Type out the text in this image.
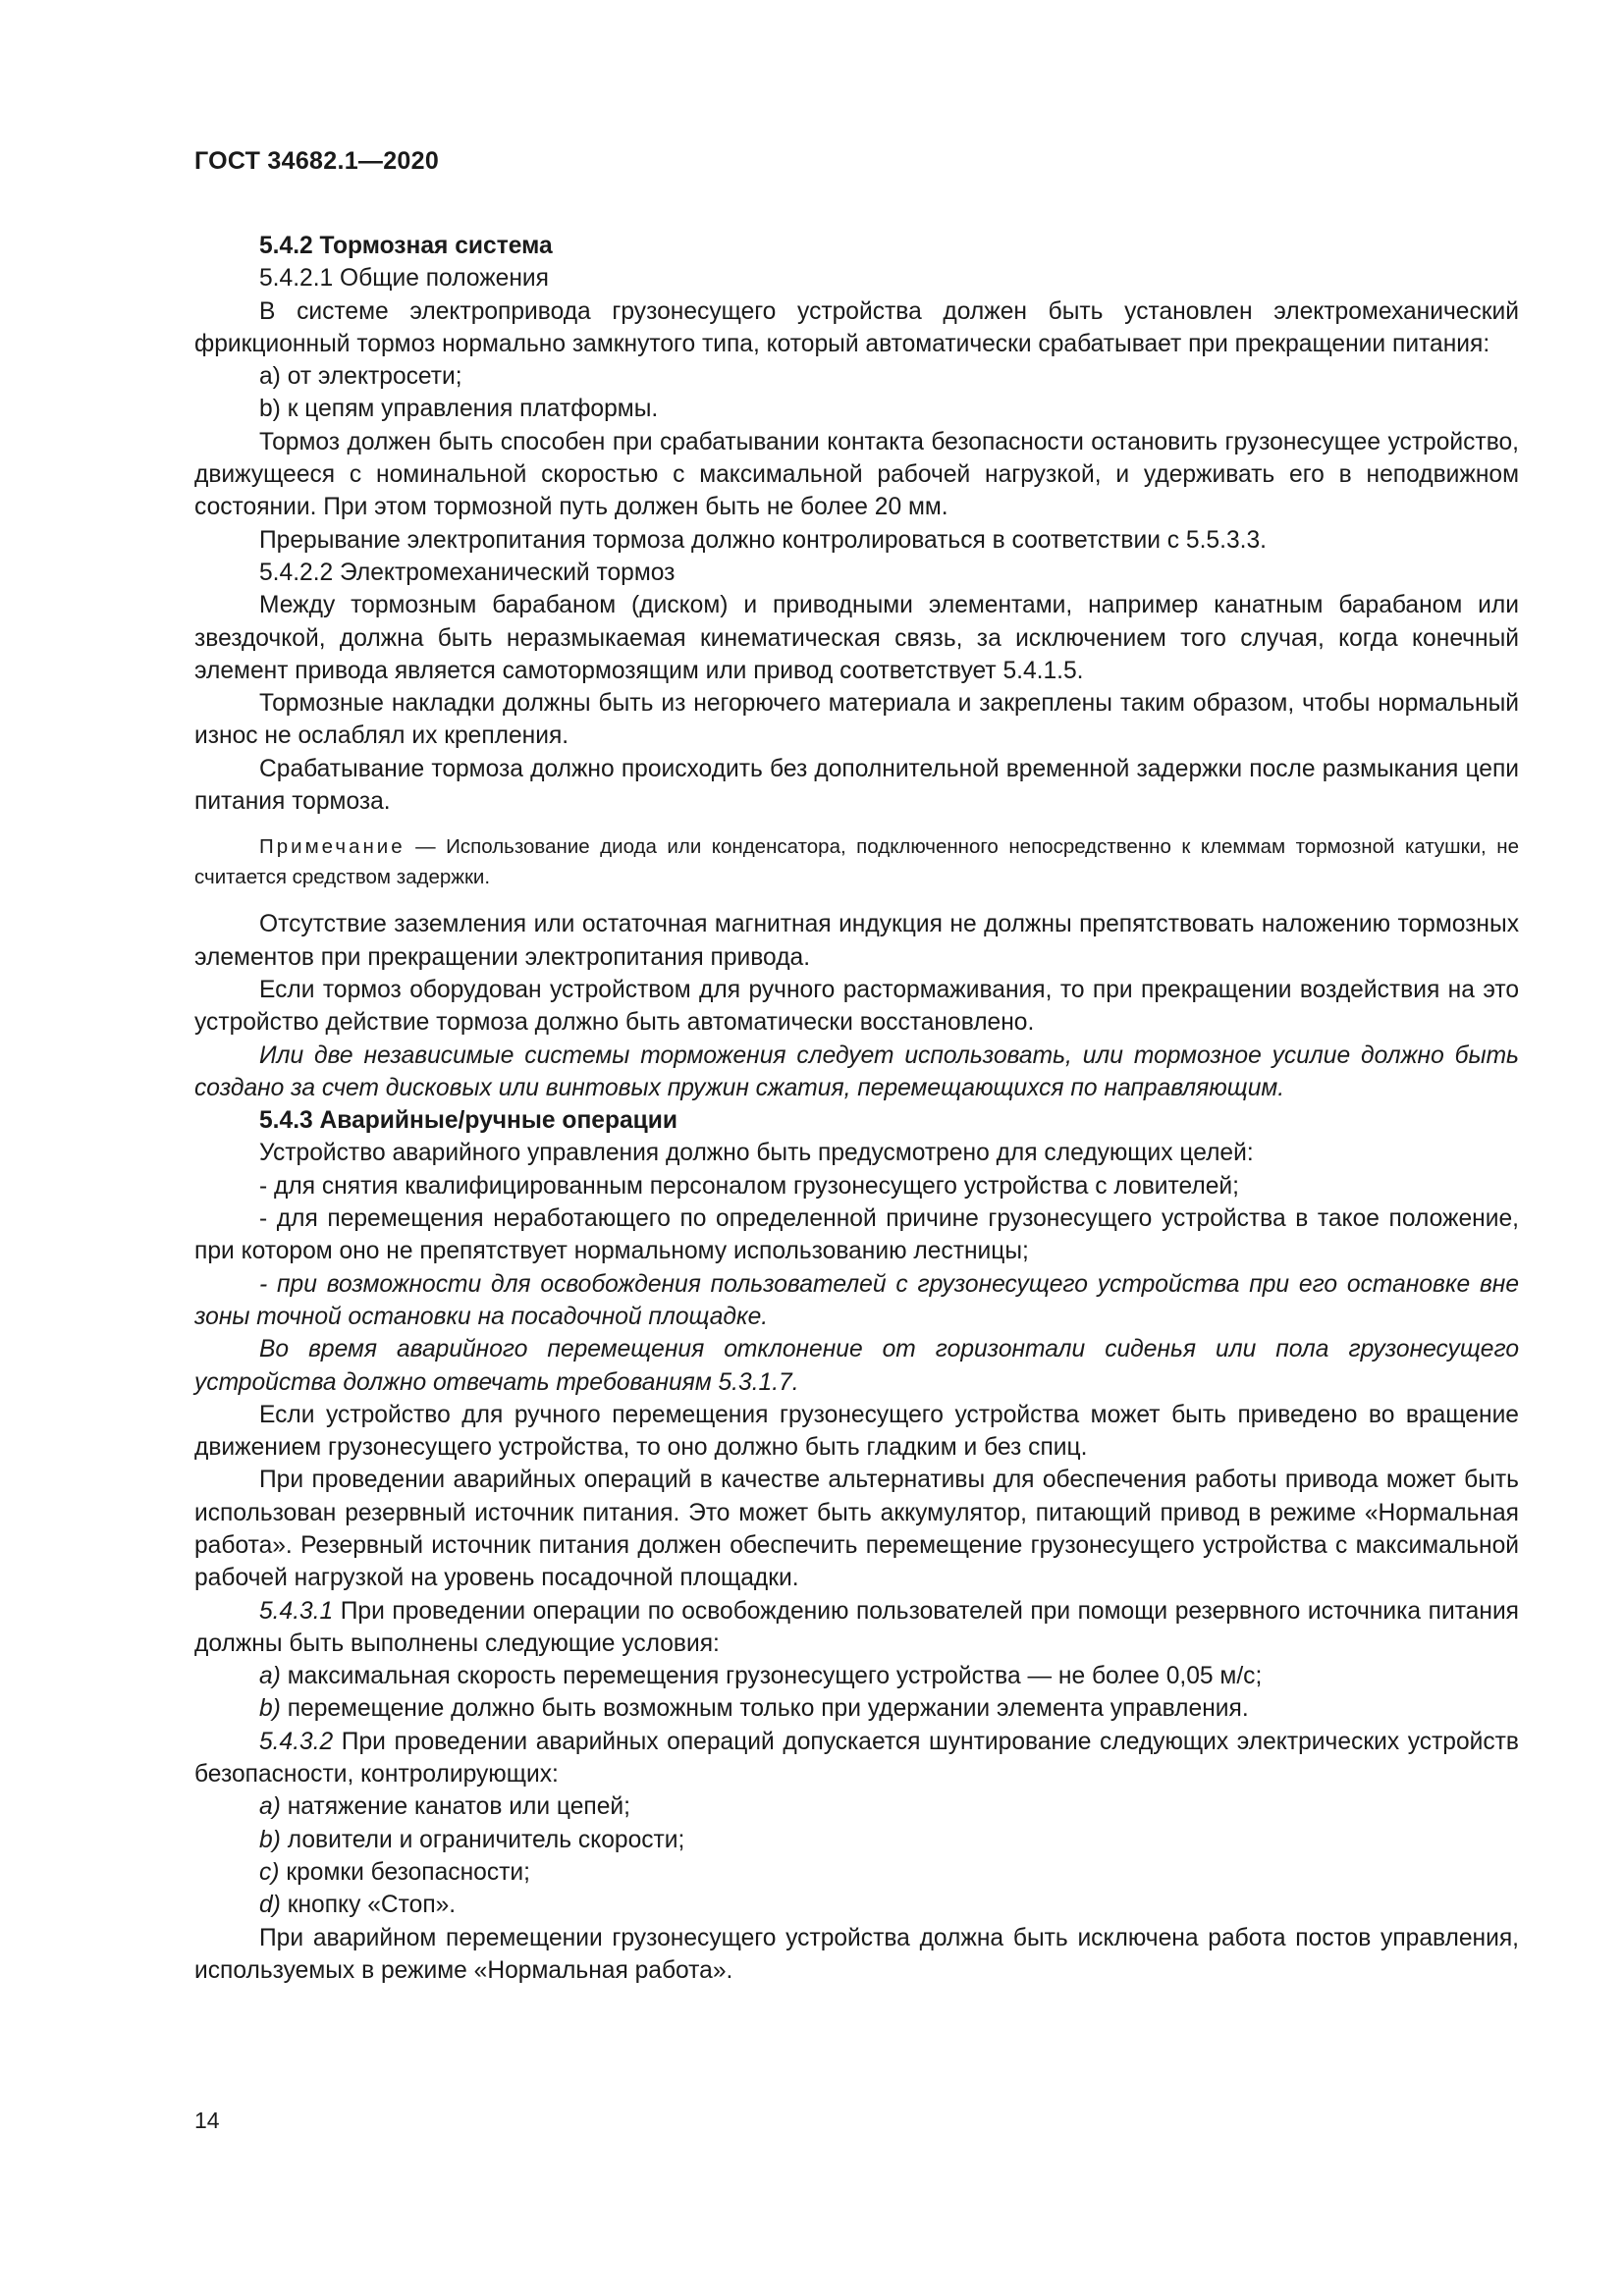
ГОСТ 34682.1—2020

5.4.2 Тормозная система

5.4.2.1 Общие положения

В системе электропривода грузонесущего устройства должен быть установлен электромеханический фрикционный тормоз нормально замкнутого типа, который автоматически срабатывает при прекращении питания:

a) от электросети;

b) к цепям управления платформы.

Тормоз должен быть способен при срабатывании контакта безопасности остановить грузонесущее устройство, движущееся с номинальной скоростью с максимальной рабочей нагрузкой, и удерживать его в неподвижном состоянии. При этом тормозной путь должен быть не более 20 мм.

Прерывание электропитания тормоза должно контролироваться в соответствии с 5.5.3.3.

5.4.2.2 Электромеханический тормоз

Между тормозным барабаном (диском) и приводными элементами, например канатным барабаном или звездочкой, должна быть неразмыкаемая кинематическая связь, за исключением того случая, когда конечный элемент привода является самотормозящим или привод соответствует 5.4.1.5.

Тормозные накладки должны быть из негорючего материала и закреплены таким образом, чтобы нормальный износ не ослаблял их крепления.

Срабатывание тормоза должно происходить без дополнительной временной задержки после размыкания цепи питания тормоза.

Примечание — Использование диода или конденсатора, подключенного непосредственно к клеммам тормозной катушки, не считается средством задержки.

Отсутствие заземления или остаточная магнитная индукция не должны препятствовать наложению тормозных элементов при прекращении электропитания привода.

Если тормоз оборудован устройством для ручного растормаживания, то при прекращении воздействия на это устройство действие тормоза должно быть автоматически восстановлено.

Или две независимые системы торможения следует использовать, или тормозное усилие должно быть создано за счет дисковых или винтовых пружин сжатия, перемещающихся по направляющим.

5.4.3 Аварийные/ручные операции

Устройство аварийного управления должно быть предусмотрено для следующих целей:

- для снятия квалифицированным персоналом грузонесущего устройства с ловителей;

- для перемещения неработающего по определенной причине грузонесущего устройства в такое положение, при котором оно не препятствует нормальному использованию лестницы;

- при возможности для освобождения пользователей с грузонесущего устройства при его остановке вне зоны точной остановки на посадочной площадке.

Во время аварийного перемещения отклонение от горизонтали сиденья или пола грузонесущего устройства должно отвечать требованиям 5.3.1.7.

Если устройство для ручного перемещения грузонесущего устройства может быть приведено во вращение движением грузонесущего устройства, то оно должно быть гладким и без спиц.

При проведении аварийных операций в качестве альтернативы для обеспечения работы привода может быть использован резервный источник питания. Это может быть аккумулятор, питающий привод в режиме «Нормальная работа». Резервный источник питания должен обеспечить перемещение грузонесущего устройства с максимальной рабочей нагрузкой на уровень посадочной площадки.

5.4.3.1 При проведении операции по освобождению пользователей при помощи резервного источника питания должны быть выполнены следующие условия:

a) максимальная скорость перемещения грузонесущего устройства — не более 0,05 м/с;

b) перемещение должно быть возможным только при удержании элемента управления.

5.4.3.2 При проведении аварийных операций допускается шунтирование следующих электрических устройств безопасности, контролирующих:

a) натяжение канатов или цепей;

b) ловители и ограничитель скорости;

c) кромки безопасности;

d) кнопку «Стоп».

При аварийном перемещении грузонесущего устройства должна быть исключена работа постов управления, используемых в режиме «Нормальная работа».

14
